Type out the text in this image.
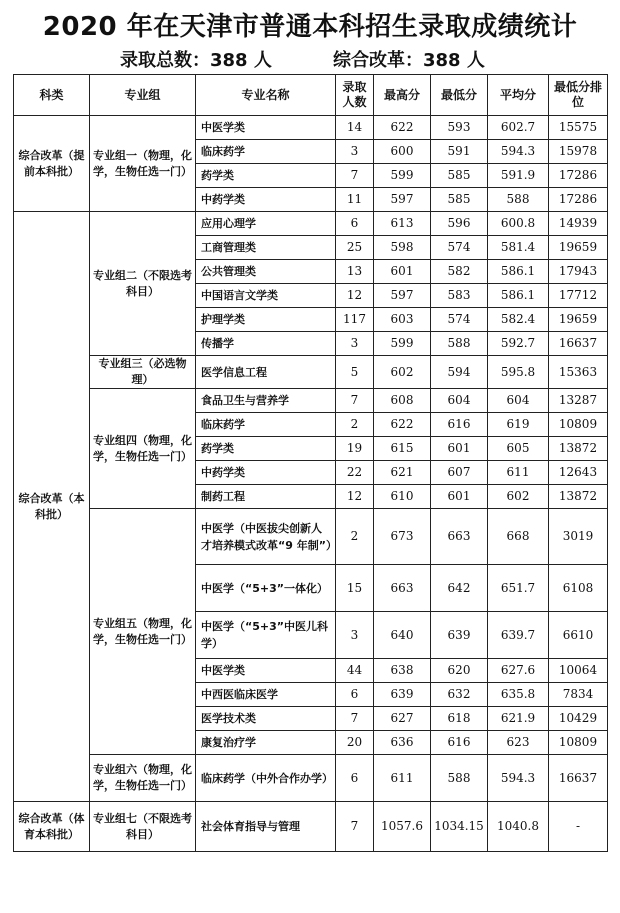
2020 年在天津市普通本科招生录取成绩统计
录取总数：388 人	综合改革：388 人
科类	专业组	专业名称	录取人数	最高分	最低分	平均分	最低分排位
综合改革（提前本科批）	专业组一（物理，化学，生物任选一门）	中医学类	14	622	593	602.7	15575
		临床药学	3	600	591	594.3	15978
		药学类	7	599	585	591.9	17286
		中药学类	11	597	585	588	17286
综合改革（本科批）	专业组二（不限选考科目）	应用心理学	6	613	596	600.8	14939
		工商管理类	25	598	574	581.4	19659
		公共管理类	13	601	582	586.1	17943
		中国语言文学类	12	597	583	586.1	17712
		护理学类	117	603	574	582.4	19659
		传播学	3	599	588	592.7	16637
	专业组三（必选物理）	医学信息工程	5	602	594	595.8	15363
	专业组四（物理，化学，生物任选一门）	食品卫生与营养学	7	608	604	604	13287
		临床药学	2	622	616	619	10809
		药学类	19	615	601	605	13872
		中药学类	22	621	607	611	12643
		制药工程	12	610	601	602	13872
	专业组五（物理，化学，生物任选一门）	中医学（中医拔尖创新人才培养模式改革“9 年制”）	2	673	663	668	3019
		中医学（“5+3”一体化）	15	663	642	651.7	6108
		中医学（“5+3”中医儿科学）	3	640	639	639.7	6610
		中医学类	44	638	620	627.6	10064
		中西医临床医学	6	639	632	635.8	7834
		医学技术类	7	627	618	621.9	10429
		康复治疗学	20	636	616	623	10809
	专业组六（物理，化学，生物任选一门）	临床药学（中外合作办学）	6	611	588	594.3	16637
综合改革（体育本科批）	专业组七（不限选考科目）	社会体育指导与管理	7	1057.6	1034.15	1040.8	-
